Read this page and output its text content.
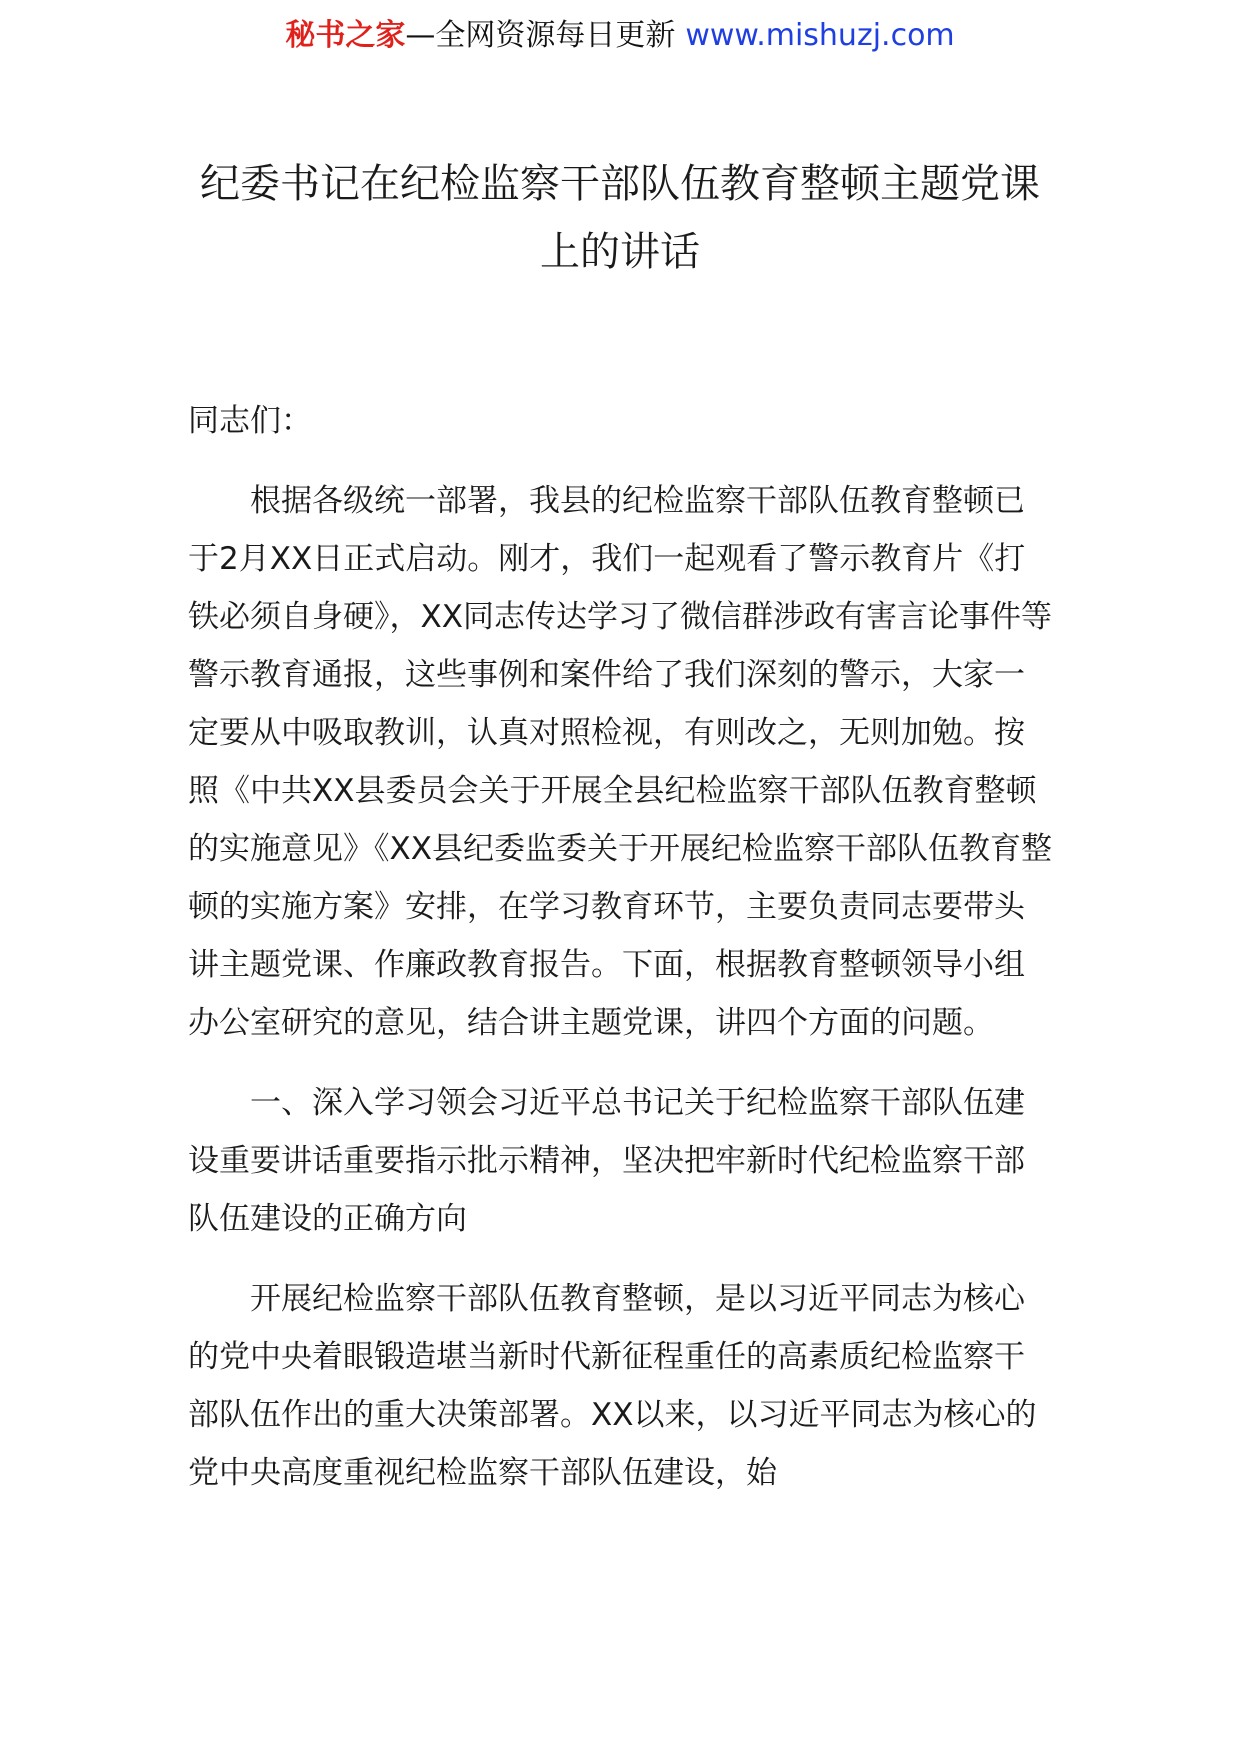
秘书之家—全网资源每日更新 www.mishuzj.com
纪委书记在纪检监察干部队伍教育整顿主题党课上的讲话

同志们：

根据各级统一部署，我县的纪检监察干部队伍教育整顿已于2月XX日正式启动。刚才，我们一起观看了警示教育片《打铁必须自身硬》，XX同志传达学习了微信群涉政有害言论事件等警示教育通报，这些事例和案件给了我们深刻的警示，大家一定要从中吸取教训，认真对照检视，有则改之，无则加勉。按照《中共XX县委员会关于开展全县纪检监察干部队伍教育整顿的实施意见》《XX县纪委监委关于开展纪检监察干部队伍教育整顿的实施方案》安排，在学习教育环节，主要负责同志要带头讲主题党课、作廉政教育报告。下面，根据教育整顿领导小组办公室研究的意见，结合讲主题党课，讲四个方面的问题。

一、深入学习领会习近平总书记关于纪检监察干部队伍建设重要讲话重要指示批示精神，坚决把牢新时代纪检监察干部队伍建设的正确方向

开展纪检监察干部队伍教育整顿，是以习近平同志为核心的党中央着眼锻造堪当新时代新征程重任的高素质纪检监察干部队伍作出的重大决策部署。XX以来，以习近平同志为核心的党中央高度重视纪检监察干部队伍建设，始
